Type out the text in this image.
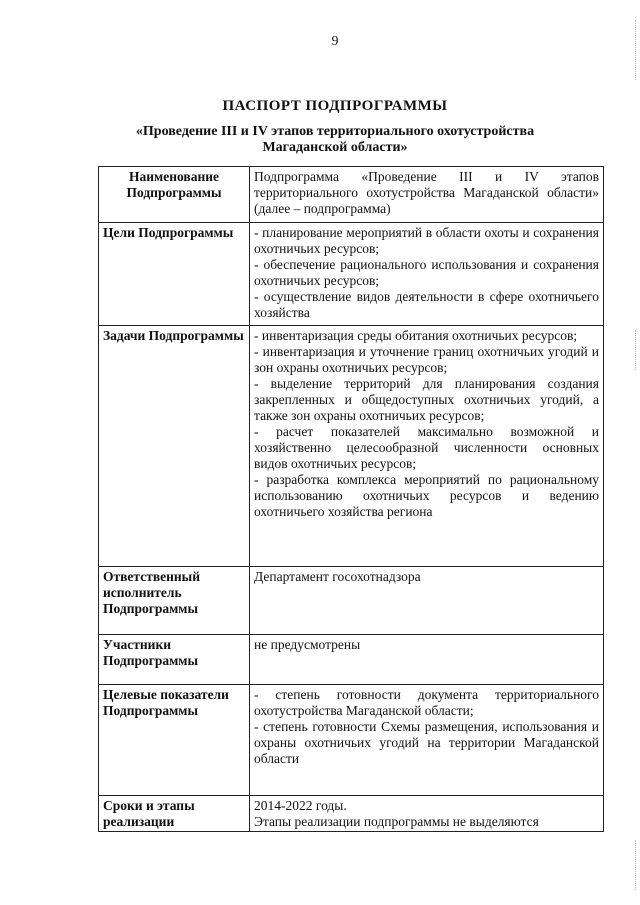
9
ПАСПОРТ ПОДПРОГРАММЫ
«Проведение III и IV этапов территориального охотустройства Магаданской области»
Наименование Подпрограммы	Подпрограмма «Проведение III и IV этапов территориального охотустройства Магаданской области» (далее – подпрограмма)

Цели Подпрограммы	- планирование мероприятий в области охоты и сохранения охотничьих ресурсов;
- обеспечение рационального использования и сохранения охотничьих ресурсов;
- осуществление видов деятельности в сфере охотничьего хозяйства

Задачи Подпрограммы	- инвентаризация среды обитания охотничьих ресурсов;
- инвентаризация и уточнение границ охотничьих угодий и зон охраны охотничьих ресурсов;
- выделение территорий для планирования создания закрепленных и общедоступных охотничьих угодий, а также зон охраны охотничьих ресурсов;
- расчет показателей максимально возможной и хозяйственно целесообразной численности основных видов охотничьих ресурсов;
- разработка комплекса мероприятий по рациональному использованию охотничьих ресурсов и ведению охотничьего хозяйства региона

Ответственный исполнитель Подпрограммы	Департамент госохотнадзора

Участники Подпрограммы	не предусмотрены

Целевые показатели Подпрограммы	- степень готовности документа территориального охотустройства Магаданской области;
- степень готовности Схемы размещения, использования и охраны охотничьих угодий на территории Магаданской области

Сроки и этапы реализации	2014-2022 годы.
Этапы реализации подпрограммы не выделяются
